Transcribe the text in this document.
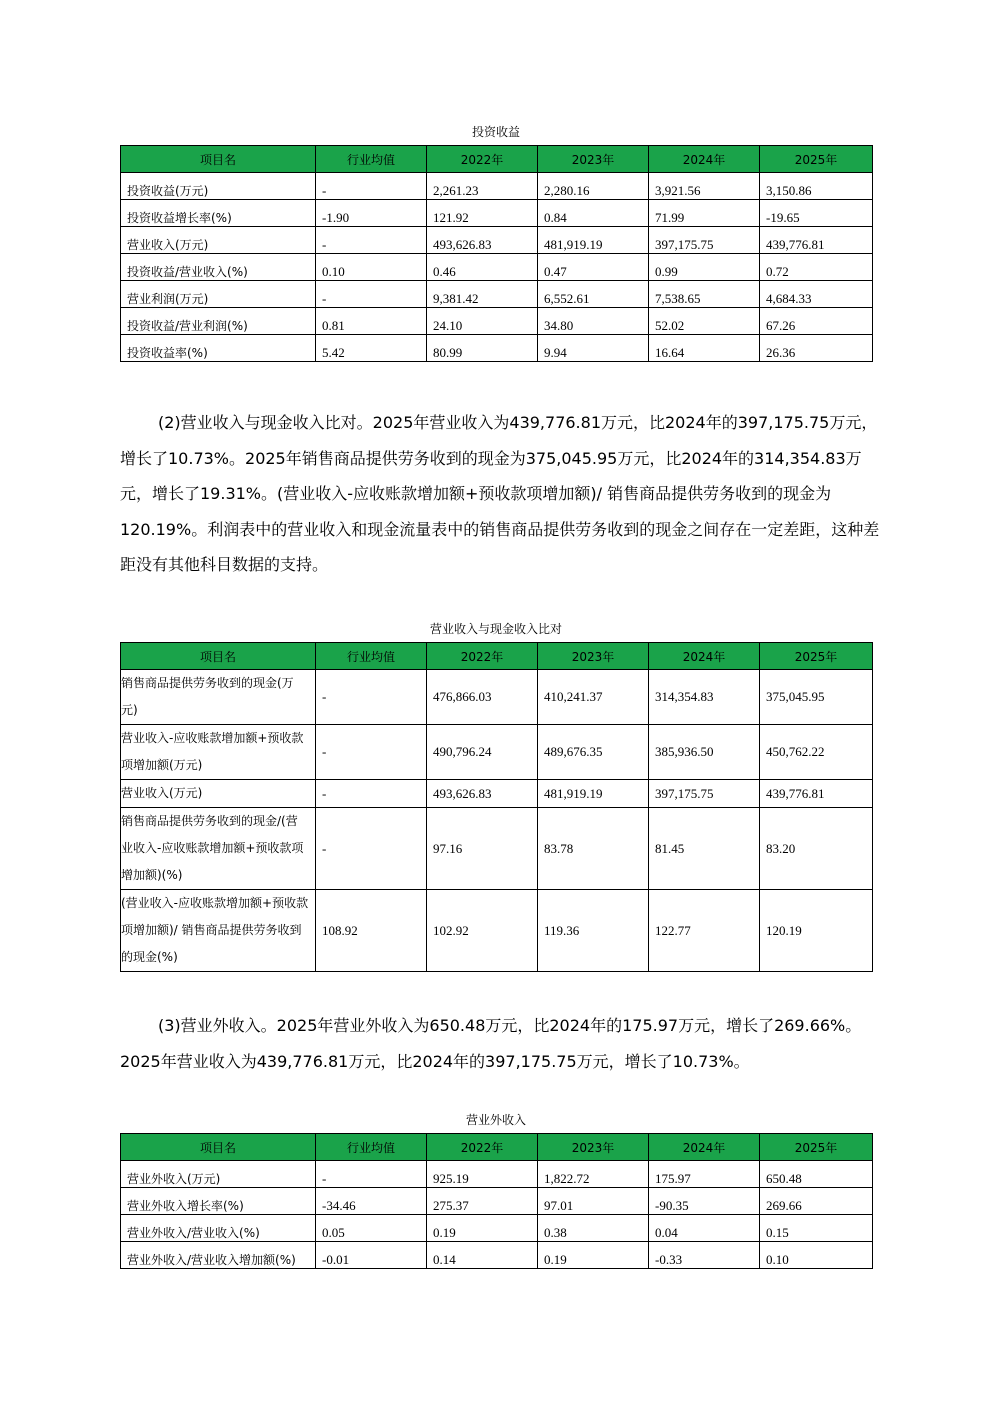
投资收益
项目名	行业均值	2022年	2023年	2024年	2025年
投资收益(万元)	-	2,261.23	2,280.16	3,921.56	3,150.86
投资收益增长率(%)	-1.90	121.92	0.84	71.99	-19.65
营业收入(万元)	-	493,626.83	481,919.19	397,175.75	439,776.81
投资收益/营业收入(%)	0.10	0.46	0.47	0.99	0.72
营业利润(万元)	-	9,381.42	6,552.61	7,538.65	4,684.33
投资收益/营业利润(%)	0.81	24.10	34.80	52.02	67.26
投资收益率(%)	5.42	80.99	9.94	16.64	26.36

(2)营业收入与现金收入比对。2025年营业收入为439,776.81万元，比2024年的397,175.75万元，增长了10.73%。2025年销售商品提供劳务收到的现金为375,045.95万元，比2024年的314,354.83万元，增长了19.31%。(营业收入-应收账款增加额+预收款项增加额)/ 销售商品提供劳务收到的现金为120.19%。利润表中的营业收入和现金流量表中的销售商品提供劳务收到的现金之间存在一定差距，这种差距没有其他科目数据的支持。

营业收入与现金收入比对
项目名	行业均值	2022年	2023年	2024年	2025年
销售商品提供劳务收到的现金(万元)	-	476,866.03	410,241.37	314,354.83	375,045.95
营业收入-应收账款增加额+预收款项增加额(万元)	-	490,796.24	489,676.35	385,936.50	450,762.22
营业收入(万元)	-	493,626.83	481,919.19	397,175.75	439,776.81
销售商品提供劳务收到的现金/(营业收入-应收账款增加额+预收款项增加额)(%)	-	97.16	83.78	81.45	83.20
(营业收入-应收账款增加额+预收款项增加额)/ 销售商品提供劳务收到的现金(%)	108.92	102.92	119.36	122.77	120.19

(3)营业外收入。2025年营业外收入为650.48万元，比2024年的175.97万元，增长了269.66%。2025年营业收入为439,776.81万元，比2024年的397,175.75万元，增长了10.73%。

营业外收入
项目名	行业均值	2022年	2023年	2024年	2025年
营业外收入(万元)	-	925.19	1,822.72	175.97	650.48
营业外收入增长率(%)	-34.46	275.37	97.01	-90.35	269.66
营业外收入/营业收入(%)	0.05	0.19	0.38	0.04	0.15
营业外收入/营业收入增加额(%)	-0.01	0.14	0.19	-0.33	0.10
